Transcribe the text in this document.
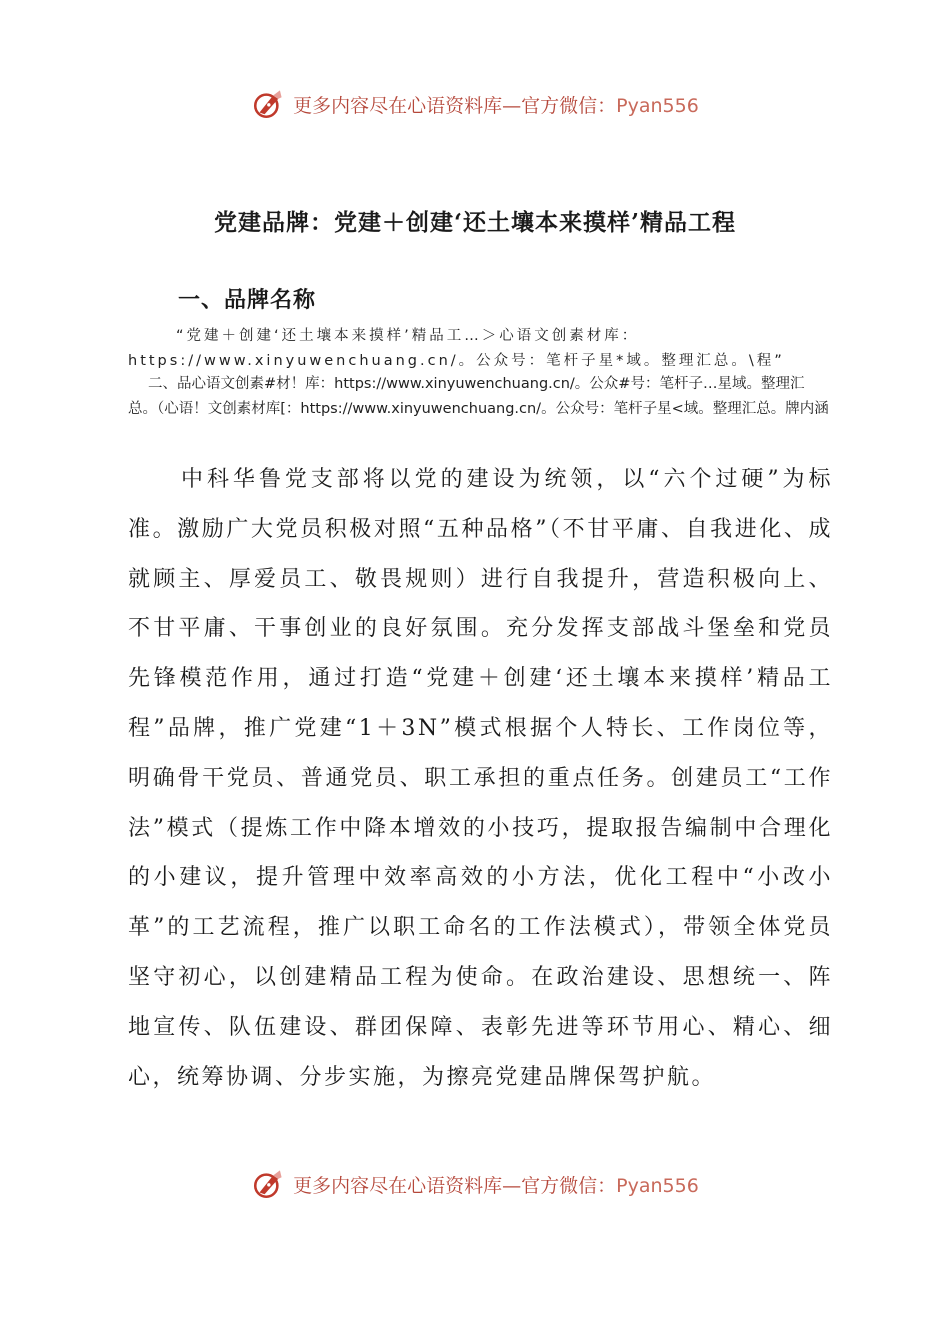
更多内容尽在心语资料库—官方微信：Pyan556
党建品牌：党建＋创建‘还土壤本来摸样’精品工程
一、品牌名称

“党建＋创建‘还土壤本来摸样’精品工…＞心语文创素材库：https://www.xinyuwenchuang.cn/。公众号：笔杆子星*域。整理汇总。\程”

二、品心语文创素#材！库：https://www.xinyuwenchuang.cn/。公众#号：笔杆子…星域。整理汇总。（心语！文创素材库[：https://www.xinyuwenchuang.cn/。公众号：笔杆子星<域。整理汇总。牌内涵

中科华鲁党支部将以党的建设为统领，以“六个过硬”为标准。激励广大党员积极对照“五种品格”（不甘平庸、自我进化、成就顾主、厚爱员工、敬畏规则）进行自我提升，营造积极向上、不甘平庸、干事创业的良好氛围。充分发挥支部战斗堡垒和党员先锋模范作用，通过打造“党建＋创建‘还土壤本来摸样’精品工程”品牌，推广党建“1＋3N”模式根据个人特长、工作岗位等，明确骨干党员、普通党员、职工承担的重点任务。创建员工“工作法”模式（提炼工作中降本增效的小技巧，提取报告编制中合理化的小建议，提升管理中效率高效的小方法，优化工程中“小改小革”的工艺流程，推广以职工命名的工作法模式），带领全体党员坚守初心，以创建精品工程为使命。在政治建设、思想统一、阵地宣传、队伍建设、群团保障、表彰先进等环节用心、精心、细心，统筹协调、分步实施，为擦亮党建品牌保驾护航。

更多内容尽在心语资料库—官方微信：Pyan556
